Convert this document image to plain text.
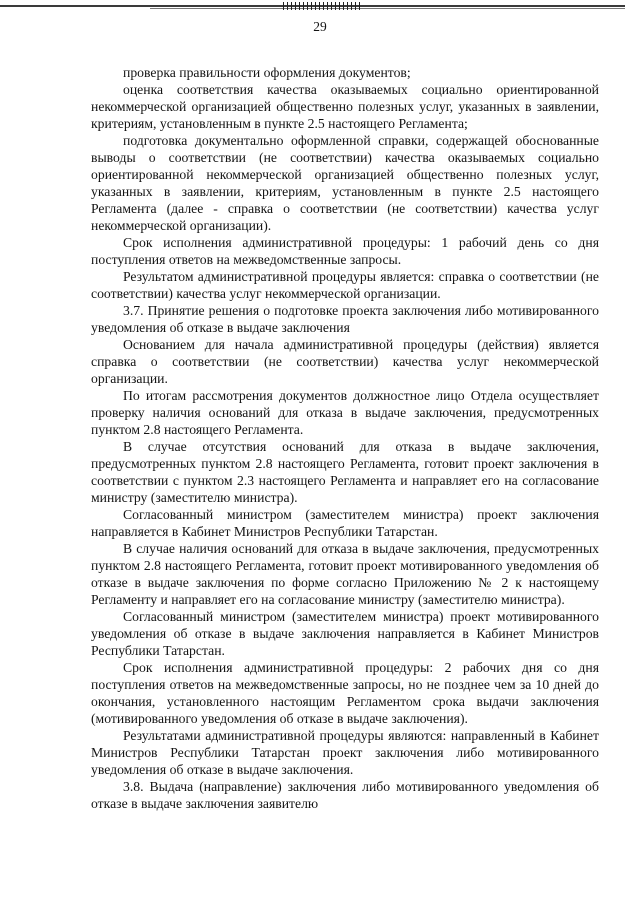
29

проверка правильности оформления документов;

оценка соответствия качества оказываемых социально ориентированной некоммерческой организацией общественно полезных услуг, указанных в заявлении, критериям, установленным в пункте 2.5 настоящего Регламента;

подготовка документально оформленной справки, содержащей обоснованные выводы о соответствии (не соответствии) качества оказываемых социально ориентированной некоммерческой организацией общественно полезных услуг, указанных в заявлении, критериям, установленным в пункте 2.5 настоящего Регламента (далее - справка о соответствии (не соответствии) качества услуг некоммерческой организации).

Срок исполнения административной процедуры: 1 рабочий день со дня поступления ответов на межведомственные запросы.

Результатом административной процедуры является: справка о соответствии (не соответствии) качества услуг некоммерческой организации.

3.7. Принятие решения о подготовке проекта заключения либо мотивированного уведомления об отказе в выдаче заключения

Основанием для начала административной процедуры (действия) является справка о соответствии (не соответствии) качества услуг некоммерческой организации.

По итогам рассмотрения документов должностное лицо Отдела осуществляет проверку наличия оснований для отказа в выдаче заключения, предусмотренных пунктом 2.8 настоящего Регламента.

В случае отсутствия оснований для отказа в выдаче заключения, предусмотренных пунктом 2.8 настоящего Регламента, готовит проект заключения в соответствии с пунктом 2.3 настоящего Регламента и направляет его на согласование министру (заместителю министра).

Согласованный министром (заместителем министра) проект заключения направляется в Кабинет Министров Республики Татарстан.

В случае наличия оснований для отказа в выдаче заключения, предусмотренных пунктом 2.8 настоящего Регламента, готовит проект мотивированного уведомления об отказе в выдаче заключения по форме согласно Приложению № 2 к настоящему Регламенту и направляет его на согласование министру (заместителю министра).

Согласованный министром (заместителем министра) проект мотивированного уведомления об отказе в выдаче заключения направляется в Кабинет Министров Республики Татарстан.

Срок исполнения административной процедуры: 2 рабочих дня со дня поступления ответов на межведомственные запросы, но не позднее чем за 10 дней до окончания, установленного настоящим Регламентом срока выдачи заключения (мотивированного уведомления об отказе в выдаче заключения).

Результатами административной процедуры являются: направленный в Кабинет Министров Республики Татарстан проект заключения либо мотивированного уведомления об отказе в выдаче заключения.

3.8. Выдача (направление) заключения либо мотивированного уведомления об отказе в выдаче заключения заявителю
